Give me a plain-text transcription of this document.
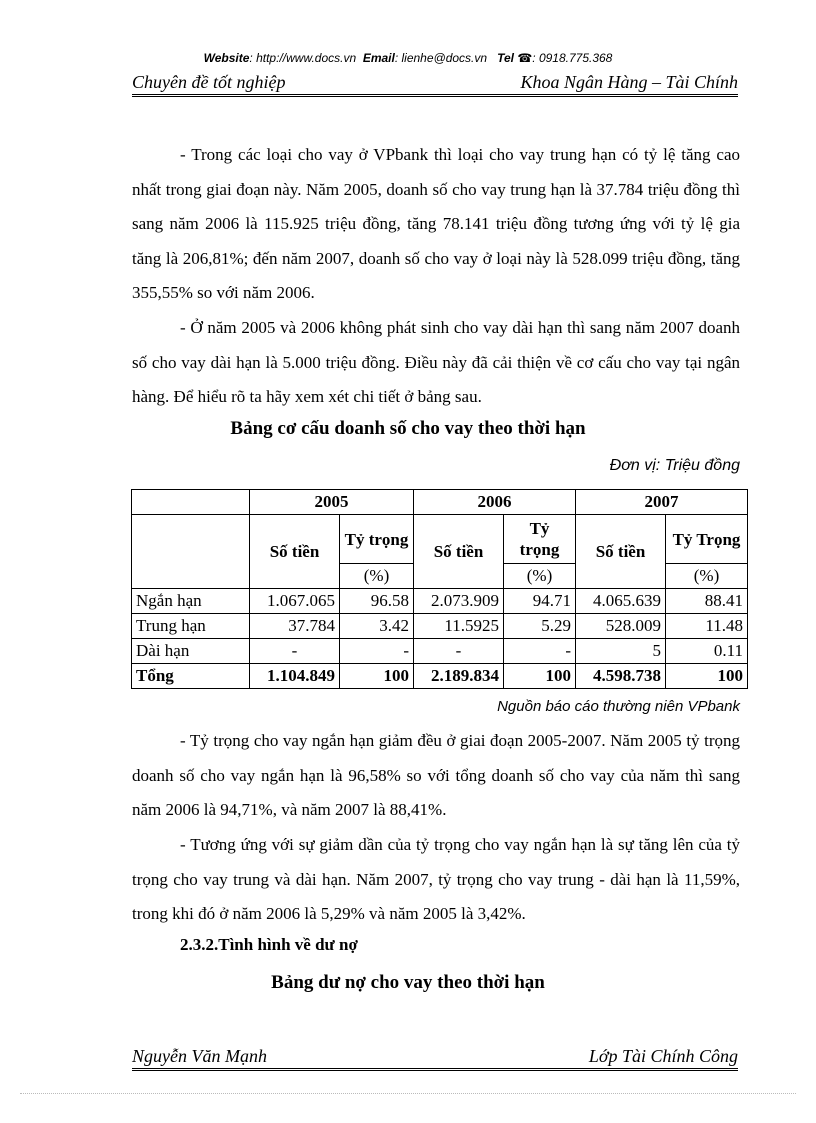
Website: http://www.docs.vn Email: lienhe@docs.vn Tel ☎: 0918.775.368
Chuyên đề tốt nghiệp	Khoa Ngân Hàng – Tài Chính

- Trong các loại cho vay ở VPbank thì loại cho vay trung hạn có tỷ lệ tăng cao nhất trong giai đoạn này. Năm 2005, doanh số cho vay trung hạn là 37.784 triệu đồng thì sang năm 2006 là 115.925 triệu đồng, tăng 78.141 triệu đồng tương ứng với tỷ lệ gia tăng là 206,81%; đến năm 2007, doanh số cho vay ở loại này là 528.099 triệu đồng, tăng 355,55% so với năm 2006.

- Ở năm 2005 và 2006 không phát sinh cho vay dài hạn thì sang năm 2007 doanh số cho vay dài hạn là 5.000 triệu đồng. Điều này đã cải thiện về cơ cấu cho vay tại ngân hàng. Để hiểu rõ ta hãy xem xét chi tiết ở bảng sau.

Bảng cơ cấu doanh số cho vay theo thời hạn
Đơn vị: Triệu đồng
	2005		2006		2007	
	Số tiền	Tỷ trọng	Số tiền	Tỷ trọng	Số tiền	Tỷ Trọng
		(%)		(%)		(%)
Ngắn hạn	1.067.065	96.58	2.073.909	94.71	4.065.639	88.41
Trung hạn	37.784	3.42	11.5925	5.29	528.009	11.48
Dài hạn	-	-	-	-	5	0.11
Tổng	1.104.849	100	2.189.834	100	4.598.738	100
Nguồn báo cáo thường niên VPbank

- Tỷ trọng cho vay ngắn hạn giảm đều ở giai đoạn 2005-2007. Năm 2005 tỷ trọng doanh số cho vay ngắn hạn là 96,58% so với tổng doanh số cho vay của năm thì sang năm 2006 là 94,71%, và năm 2007 là 88,41%.

- Tương ứng với sự giảm dần của tỷ trọng cho vay ngắn hạn là sự tăng lên của tỷ trọng cho vay trung và dài hạn. Năm 2007, tỷ trọng cho vay trung - dài hạn là 11,59%, trong khi đó ở năm 2006 là 5,29% và năm 2005 là 3,42%.

2.3.2.Tình hình về dư nợ
Bảng dư nợ cho vay theo thời hạn
Nguyễn Văn Mạnh	Lớp Tài Chính Công
